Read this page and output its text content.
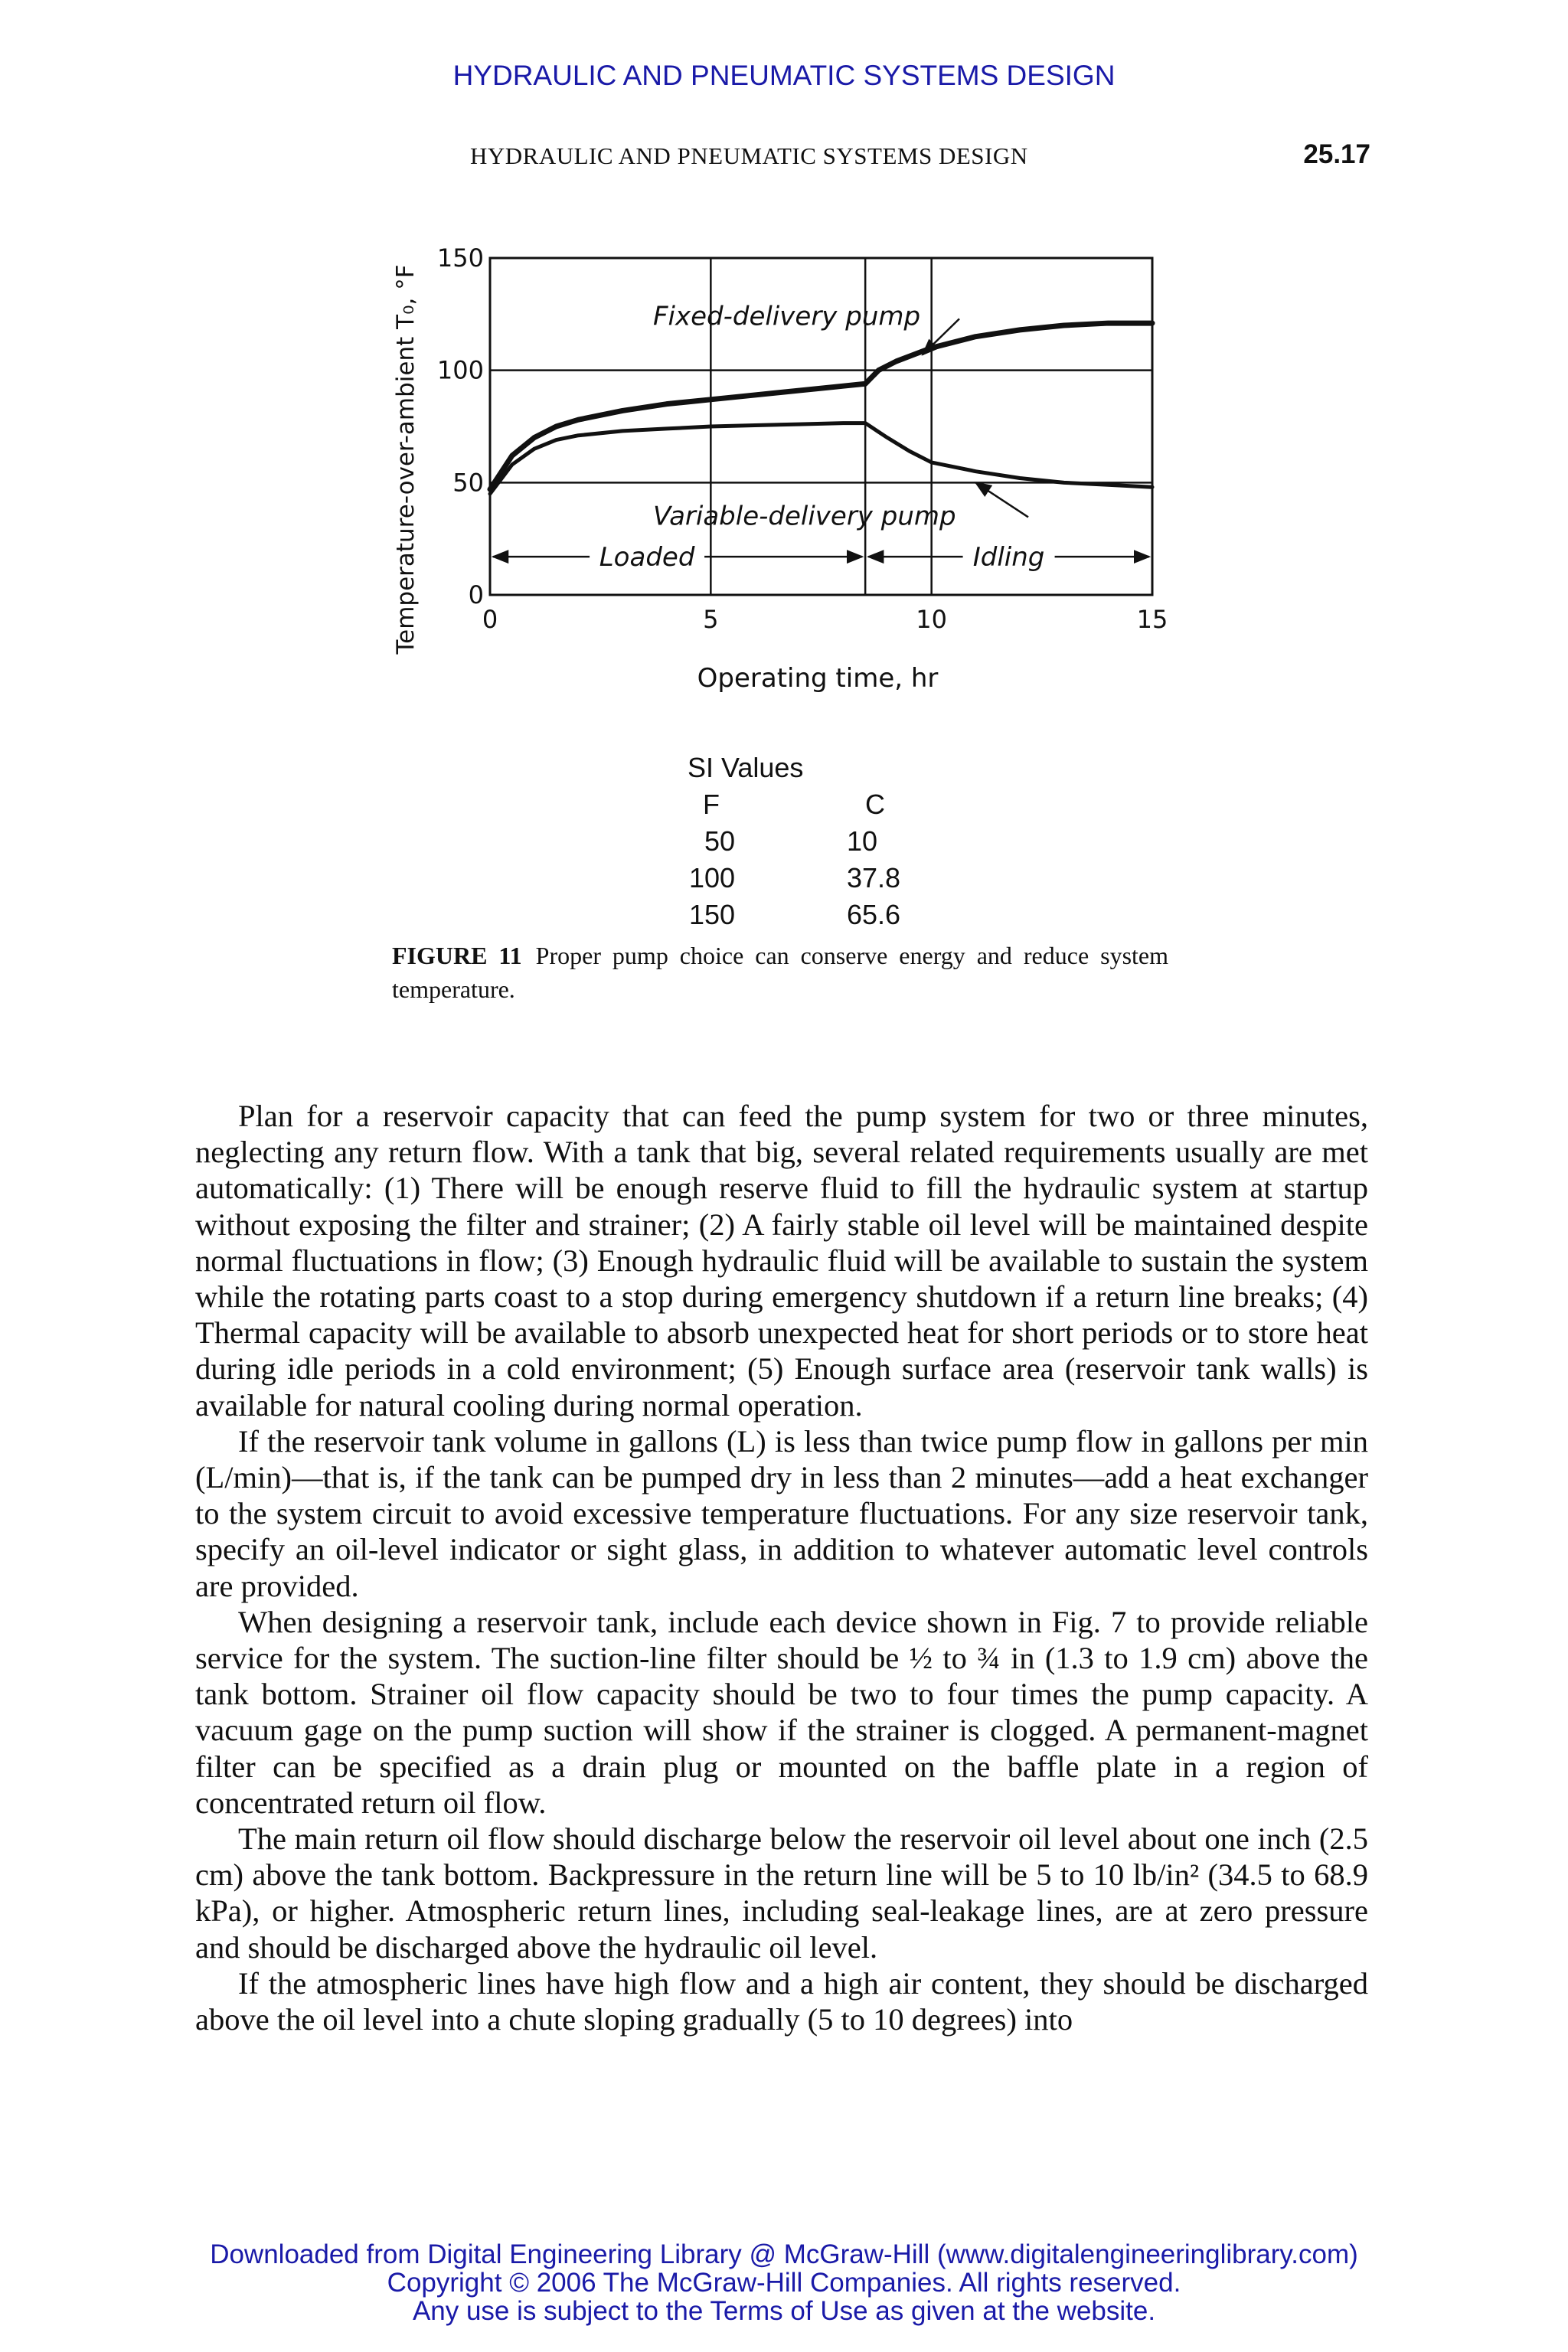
HYDRAULIC AND PNEUMATIC SYSTEMS DESIGN
HYDRAULIC AND PNEUMATIC SYSTEMS DESIGN	25.17
Fixed-delivery pump
Variable-delivery pump
Loaded	Idling
0	5	10	15
0
50
100
150
Operating time, hr
Temperature-over-ambient T₀, °F
SI Values
F	C
50	10
100	37.8
150	65.6
FIGURE 11 Proper pump choice can conserve energy and reduce system temperature.

Plan for a reservoir capacity that can feed the pump system for two or three minutes, neglecting any return flow. With a tank that big, several related requirements usually are met automatically: (1) There will be enough reserve fluid to fill the hydraulic system at startup without exposing the filter and strainer; (2) A fairly stable oil level will be maintained despite normal fluctuations in flow; (3) Enough hydraulic fluid will be available to sustain the system while the rotating parts coast to a stop during emergency shutdown if a return line breaks; (4) Thermal capacity will be available to absorb unexpected heat for short periods or to store heat during idle periods in a cold environment; (5) Enough surface area (reservoir tank walls) is available for natural cooling during normal operation.

If the reservoir tank volume in gallons (L) is less than twice pump flow in gallons per min (L/min)—that is, if the tank can be pumped dry in less than 2 minutes—add a heat exchanger to the system circuit to avoid excessive temperature fluctuations. For any size reservoir tank, specify an oil-level indicator or sight glass, in addition to whatever automatic level controls are provided.

When designing a reservoir tank, include each device shown in Fig. 7 to provide reliable service for the system. The suction-line filter should be ½ to ¾ in (1.3 to 1.9 cm) above the tank bottom. Strainer oil flow capacity should be two to four times the pump capacity. A vacuum gage on the pump suction will show if the strainer is clogged. A permanent-magnet filter can be specified as a drain plug or mounted on the baffle plate in a region of concentrated return oil flow.

The main return oil flow should discharge below the reservoir oil level about one inch (2.5 cm) above the tank bottom. Backpressure in the return line will be 5 to 10 lb/in² (34.5 to 68.9 kPa), or higher. Atmospheric return lines, including seal-leakage lines, are at zero pressure and should be discharged above the hydraulic oil level.

If the atmospheric lines have high flow and a high air content, they should be discharged above the oil level into a chute sloping gradually (5 to 10 degrees) into

Downloaded from Digital Engineering Library @ McGraw-Hill (www.digitalengineeringlibrary.com)
Copyright © 2006 The McGraw-Hill Companies. All rights reserved.
Any use is subject to the Terms of Use as given at the website.
